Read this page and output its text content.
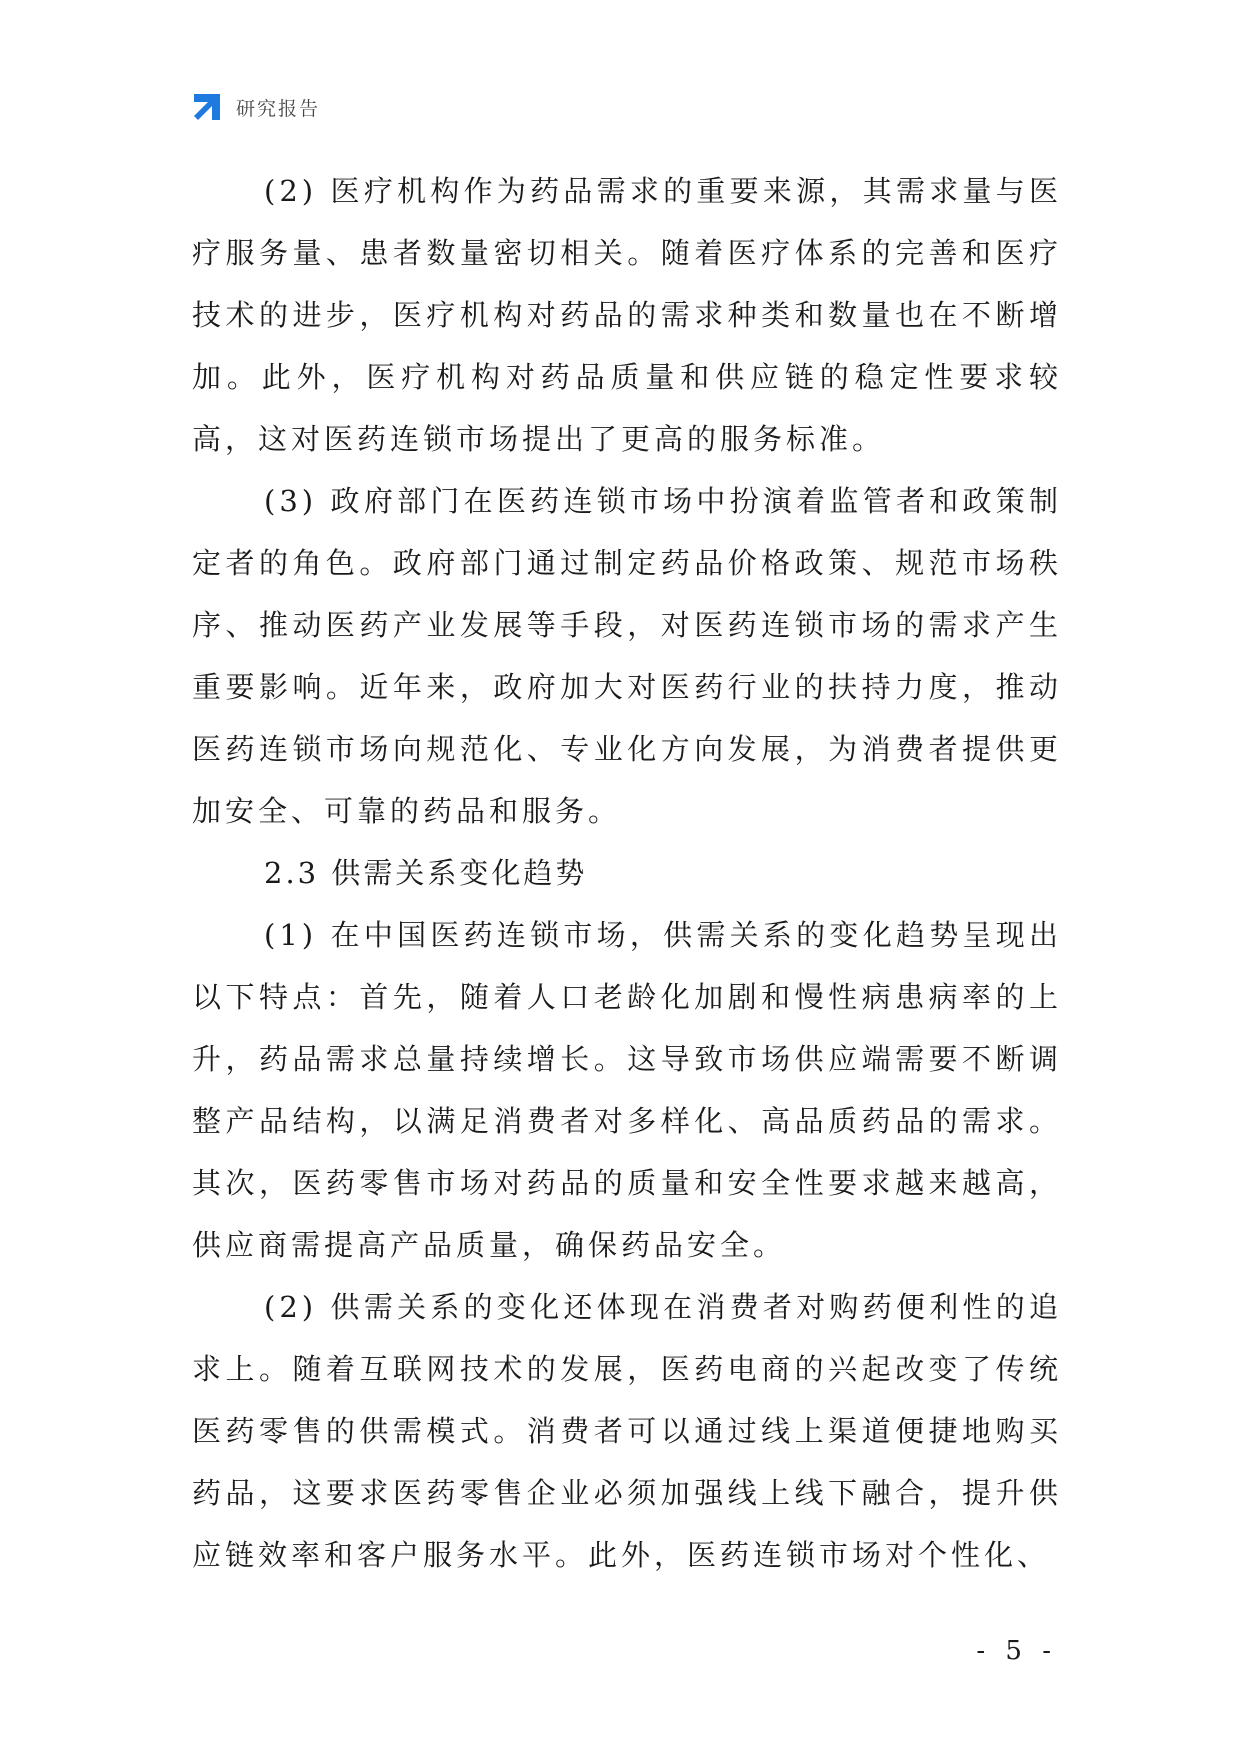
研究报告

(2) 医疗机构作为药品需求的重要来源，其需求量与医疗服务量、患者数量密切相关。随着医疗体系的完善和医疗技术的进步，医疗机构对药品的需求种类和数量也在不断增加。此外，医疗机构对药品质量和供应链的稳定性要求较高，这对医药连锁市场提出了更高的服务标准。

(3) 政府部门在医药连锁市场中扮演着监管者和政策制定者的角色。政府部门通过制定药品价格政策、规范市场秩序、推动医药产业发展等手段，对医药连锁市场的需求产生重要影响。近年来，政府加大对医药行业的扶持力度，推动医药连锁市场向规范化、专业化方向发展，为消费者提供更加安全、可靠的药品和服务。

2.3 供需关系变化趋势

(1) 在中国医药连锁市场，供需关系的变化趋势呈现出以下特点：首先，随着人口老龄化加剧和慢性病患病率的上升，药品需求总量持续增长。这导致市场供应端需要不断调整产品结构，以满足消费者对多样化、高品质药品的需求。其次，医药零售市场对药品的质量和安全性要求越来越高，供应商需提高产品质量，确保药品安全。

(2) 供需关系的变化还体现在消费者对购药便利性的追求上。随着互联网技术的发展，医药电商的兴起改变了传统医药零售的供需模式。消费者可以通过线上渠道便捷地购买药品，这要求医药零售企业必须加强线上线下融合，提升供应链效率和客户服务水平。此外，医药连锁市场对个性化、

- 5 -
